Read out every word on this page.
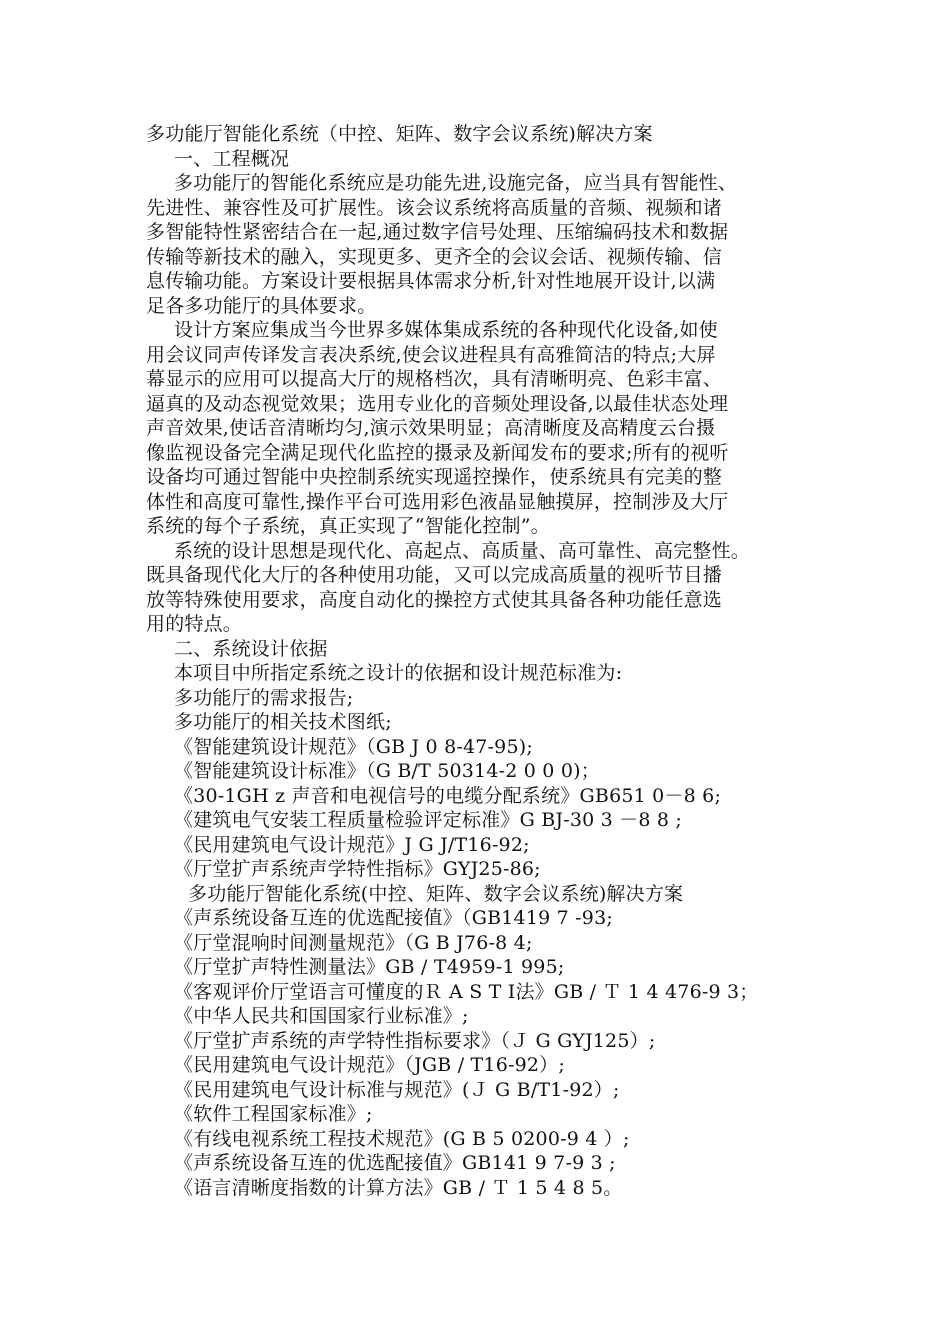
多功能厅智能化系统（中控、矩阵、数字会议系统)解决方案
一、工程概况
多功能厅的智能化系统应是功能先进,设施完备，应当具有智能性、
先进性、兼容性及可扩展性。该会议系统将高质量的音频、视频和诸
多智能特性紧密结合在一起,通过数字信号处理、压缩编码技术和数据
传输等新技术的融入，实现更多、更齐全的会议会话、视频传输、信
息传输功能。方案设计要根据具体需求分析,针对性地展开设计,以满
足各多功能厅的具体要求。
设计方案应集成当今世界多媒体集成系统的各种现代化设备,如使
用会议同声传译发言表决系统,使会议进程具有高雅简洁的特点;大屏
幕显示的应用可以提高大厅的规格档次，具有清晰明亮、色彩丰富、
逼真的及动态视觉效果；选用专业化的音频处理设备,以最佳状态处理
声音效果,使话音清晰均匀,演示效果明显；高清晰度及高精度云台摄
像监视设备完全满足现代化监控的摄录及新闻发布的要求;所有的视听
设备均可通过智能中央控制系统实现遥控操作，使系统具有完美的整
体性和高度可靠性,操作平台可选用彩色液晶显触摸屏，控制涉及大厅
系统的每个子系统，真正实现了“智能化控制”。
系统的设计思想是现代化、高起点、高质量、高可靠性、高完整性。
既具备现代化大厅的各种使用功能，又可以完成高质量的视听节目播
放等特殊使用要求，高度自动化的操控方式使其具备各种功能任意选
用的特点。
二、系统设计依据
本项目中所指定系统之设计的依据和设计规范标准为:
多功能厅的需求报告;
多功能厅的相关技术图纸;
《智能建筑设计规范》（GB J 0 8-47-95);
《智能建筑设计标准》（G B/T 50314-2 0 0 0)；
《30-1GH z 声音和电视信号的电缆分配系统》GB651 0－8 6;
《建筑电气安装工程质量检验评定标准》G BJ-30 3 －8 8 ;
《民用建筑电气设计规范》J G J/T16-92;
《厅堂扩声系统声学特性指标》GYJ25-86;
多功能厅智能化系统(中控、矩阵、数字会议系统)解决方案
《声系统设备互连的优选配接值》（GB1419 7 -93;
《厅堂混响时间测量规范》（G B J76-8 4;
《厅堂扩声特性测量法》GB / T4959-1 995;
《客观评价厅堂语言可懂度的Ｒ A S T I法》GB / Ｔ 1 4 476-9 3；
《中华人民共和国国家行业标准》;
《厅堂扩声系统的声学特性指标要求》（Ｊ G GYJ125）;
《民用建筑电气设计规范》（JGB / T16-92）;
《民用建筑电气设计标准与规范》(Ｊ G B/T1-92）;
《软件工程国家标准》;
《有线电视系统工程技术规范》(G B 5 0200-9 4 ）;
《声系统设备互连的优选配接值》GB141 9 7-9 3 ;
《语言清晰度指数的计算方法》GB / Ｔ 1 5 4 8 5。
